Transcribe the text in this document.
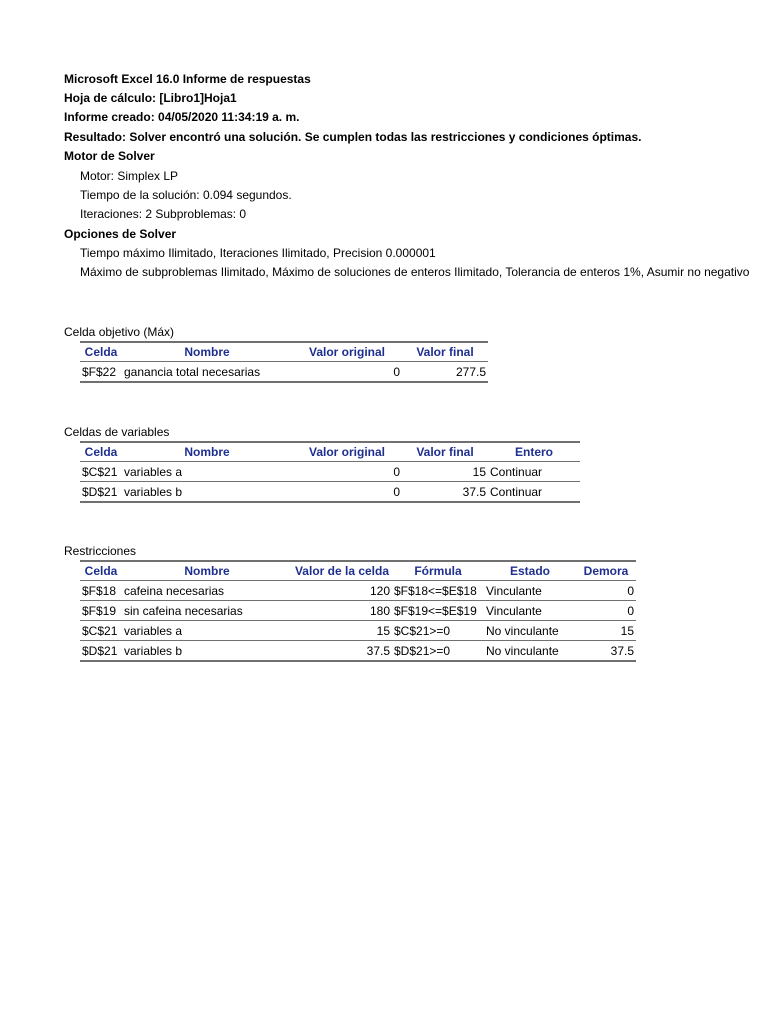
Microsoft Excel 16.0 Informe de respuestas
Hoja de cálculo: [Libro1]Hoja1
Informe creado: 04/05/2020 11:34:19 a. m.
Resultado: Solver encontró una solución. Se cumplen todas las restricciones y condiciones óptimas.
Motor de Solver
Motor: Simplex LP
Tiempo de la solución: 0.094 segundos.
Iteraciones: 2 Subproblemas: 0
Opciones de Solver
Tiempo máximo Ilimitado, Iteraciones Ilimitado, Precision 0.000001
Máximo de subproblemas Ilimitado, Máximo de soluciones de enteros Ilimitado, Tolerancia de enteros 1%, Asumir no negativo
Celda objetivo (Máx)
Celda	Nombre	Valor original	Valor final
$F$22	ganancia total necesarias	0	277.5
Celdas de variables
Celda	Nombre	Valor original	Valor final	Entero
$C$21	variables a	0	15	Continuar
$D$21	variables b	0	37.5	Continuar
Restricciones
Celda	Nombre	Valor de la celda	Fórmula	Estado	Demora
$F$18	cafeina necesarias	120	$F$18<=$E$18	Vinculante	0
$F$19	sin cafeina necesarias	180	$F$19<=$E$19	Vinculante	0
$C$21	variables a	15	$C$21>=0	No vinculante	15
$D$21	variables b	37.5	$D$21>=0	No vinculante	37.5
